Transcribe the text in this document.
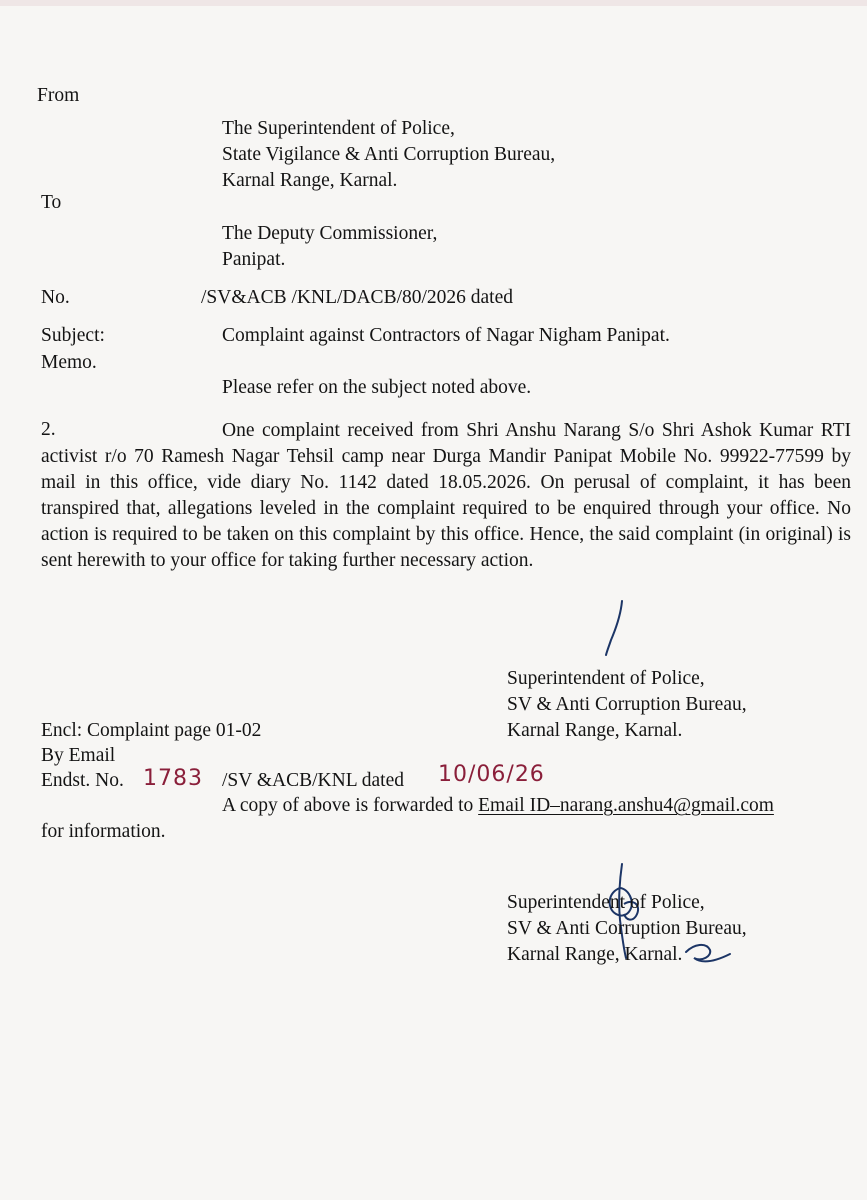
From
The Superintendent of Police,
State Vigilance & Anti Corruption Bureau,
Karnal Range, Karnal.
To
The Deputy Commissioner,
Panipat.
No.	/SV&ACB /KNL/DACB/80/2026 dated
Subject:	Complaint against Contractors of Nagar Nigham Panipat.
Memo.
Please refer on the subject noted above.
2.	One complaint received from Shri Anshu Narang S/o Shri Ashok Kumar RTI activist r/o 70 Ramesh Nagar Tehsil camp near Durga Mandir Panipat Mobile No. 99922-77599 by mail in this office, vide diary No. 1142 dated 18.05.2026. On perusal of complaint, it has been transpired that, allegations leveled in the complaint required to be enquired through your office. No action is required to be taken on this complaint by this office. Hence, the said complaint (in original) is sent herewith to your office for taking further necessary action.
Superintendent of Police,
SV & Anti Corruption Bureau,
Karnal Range, Karnal.
Encl: Complaint page 01-02
By Email
Endst. No. 1783 /SV &ACB/KNL dated 10/06/26
A copy of above is forwarded to Email ID–narang.anshu4@gmail.com
for information.
Superintendent of Police,
SV & Anti Corruption Bureau,
Karnal Range, Karnal.
